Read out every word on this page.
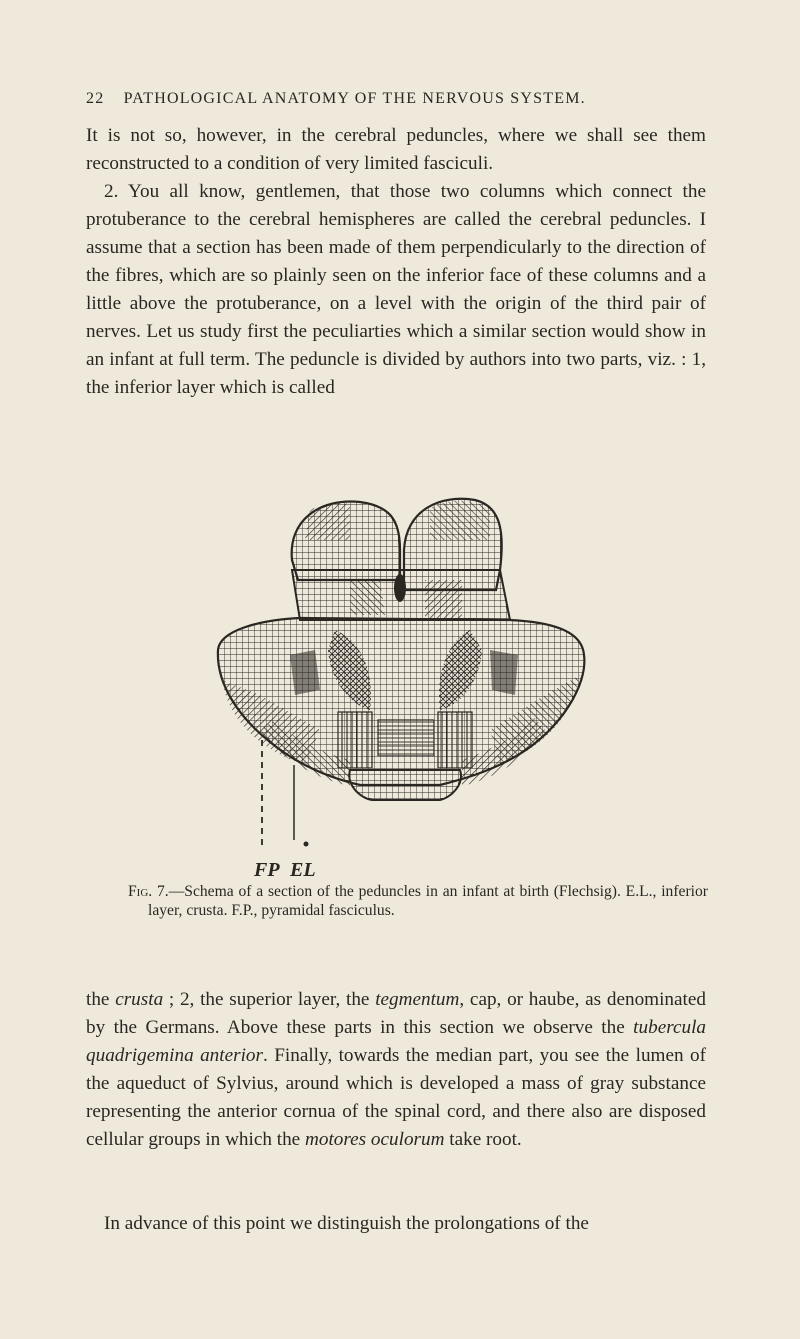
22 PATHOLOGICAL ANATOMY OF THE NERVOUS SYSTEM.

It is not so, however, in the cerebral peduncles, where we shall see them reconstructed to a condition of very limited fasciculi.

2. You all know, gentlemen, that those two columns which connect the protuberance to the cerebral hemispheres are called the cerebral peduncles. I assume that a section has been made of them perpendicularly to the direction of the fibres, which are so plainly seen on the inferior face of these columns and a little above the protuberance, on a level with the origin of the third pair of nerves. Let us study first the peculiarties which a similar section would show in an infant at full term. The peduncle is divided by authors into two parts, viz. : 1, the inferior layer which is called

FP EL

Fig. 7.—Schema of a section of the peduncles in an infant at birth (Flechsig). E.L., inferior layer, crusta. F.P., pyramidal fasciculus.

the crusta ; 2, the superior layer, the tegmentum, cap, or haube, as denominated by the Germans. Above these parts in this section we observe the tubercula quadrigemina anterior. Finally, towards the median part, you see the lumen of the aqueduct of Sylvius, around which is developed a mass of gray substance representing the anterior cornua of the spinal cord, and there also are disposed cellular groups in which the motores oculorum take root.

In advance of this point we distinguish the prolongations of the
